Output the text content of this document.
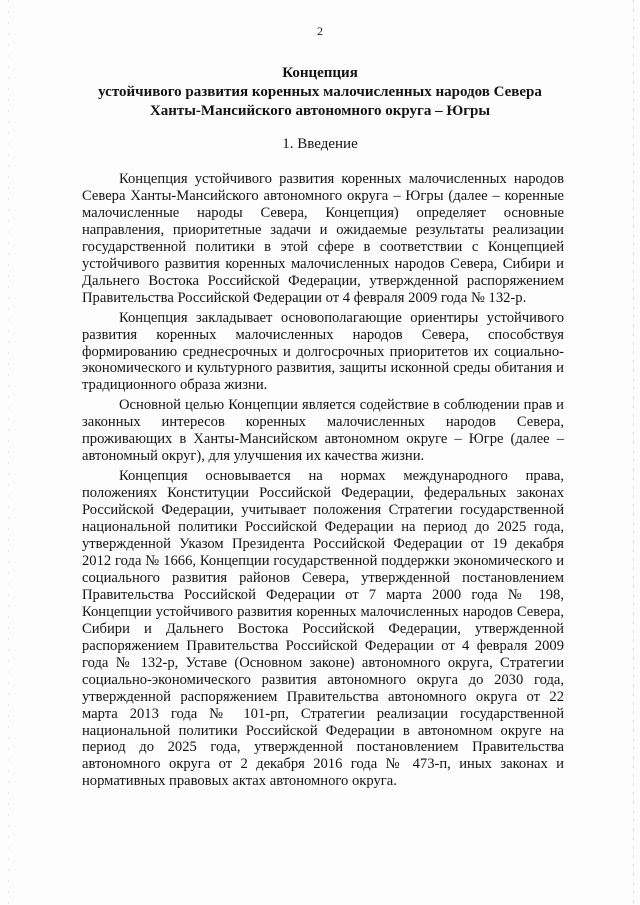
2
Концепция
устойчивого развития коренных малочисленных народов Севера
Ханты-Мансийского автономного округа – Югры
1. Введение

Концепция устойчивого развития коренных малочисленных народов Севера Ханты-Мансийского автономного округа – Югры (далее – коренные малочисленные народы Севера, Концепция) определяет основные направления, приоритетные задачи и ожидаемые результаты реализации государственной политики в этой сфере в соответствии с Концепцией устойчивого развития коренных малочисленных народов Севера, Сибири и Дальнего Востока Российской Федерации, утвержденной распоряжением Правительства Российской Федерации от 4 февраля 2009 года № 132-р.

Концепция закладывает основополагающие ориентиры устойчивого развития коренных малочисленных народов Севера, способствуя формированию среднесрочных и долгосрочных приоритетов их социально-экономического и культурного развития, защиты исконной среды обитания и традиционного образа жизни.

Основной целью Концепции является содействие в соблюдении прав и законных интересов коренных малочисленных народов Севера, проживающих в Ханты-Мансийском автономном округе – Югре (далее – автономный округ), для улучшения их качества жизни.

Концепция основывается на нормах международного права, положениях Конституции Российской Федерации, федеральных законах Российской Федерации, учитывает положения Стратегии государственной национальной политики Российской Федерации на период до 2025 года, утвержденной Указом Президента Российской Федерации от 19 декабря 2012 года № 1666, Концепции государственной поддержки экономического и социального развития районов Севера, утвержденной постановлением Правительства Российской Федерации от 7 марта 2000 года № 198, Концепции устойчивого развития коренных малочисленных народов Севера, Сибири и Дальнего Востока Российской Федерации, утвержденной распоряжением Правительства Российской Федерации от 4 февраля 2009 года № 132-р, Уставе (Основном законе) автономного округа, Стратегии социально-экономического развития автономного округа до 2030 года, утвержденной распоряжением Правительства автономного округа от 22 марта 2013 года № 101-рп, Стратегии реализации государственной национальной политики Российской Федерации в автономном округе на период до 2025 года, утвержденной постановлением Правительства автономного округа от 2 декабря 2016 года № 473-п, иных законах и нормативных правовых актах автономного округа.
